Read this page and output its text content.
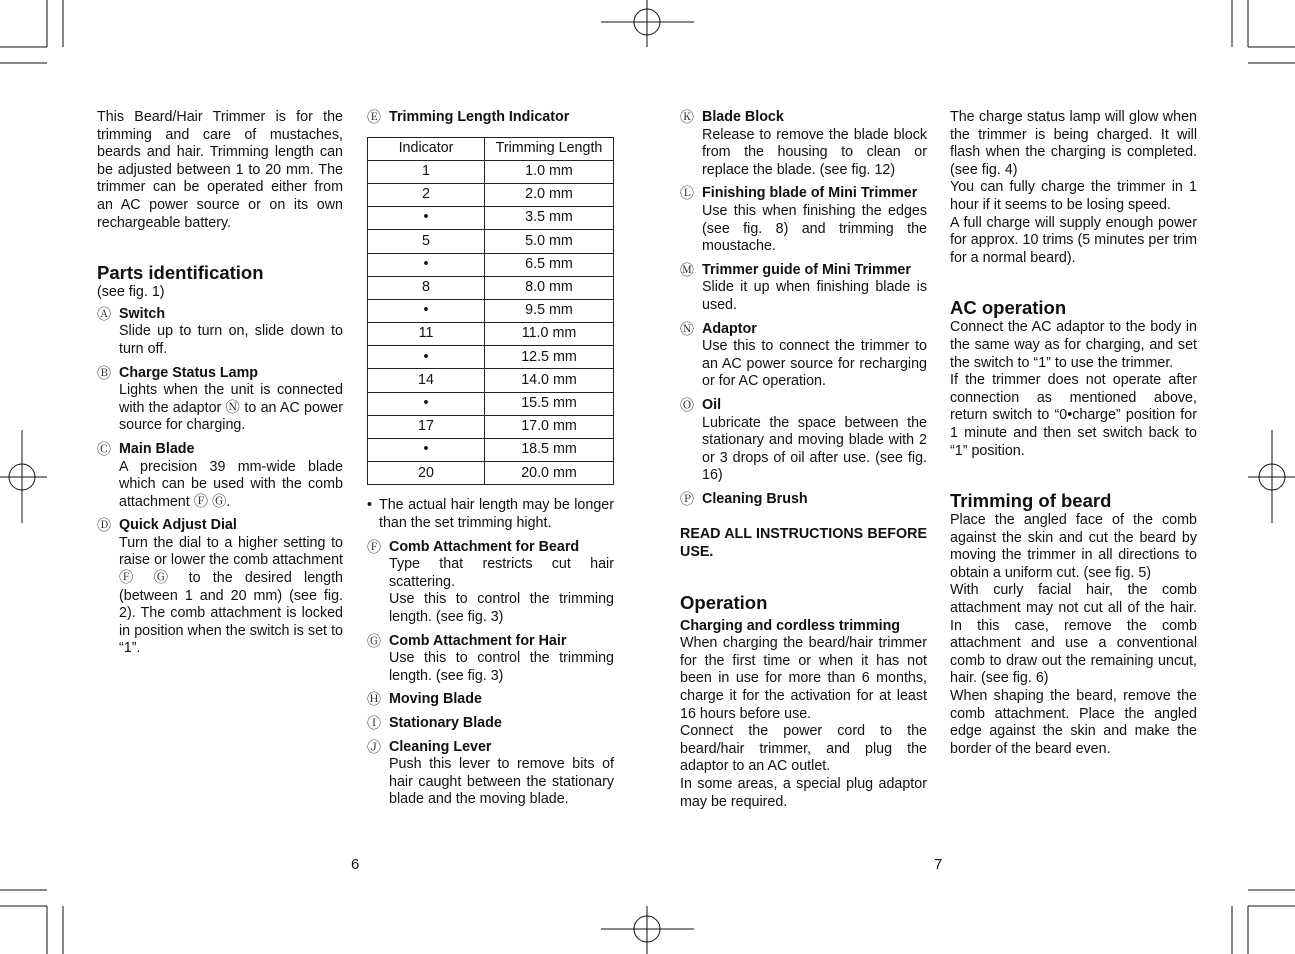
This Beard/Hair Trimmer is for the trimming and care of mustaches, beards and hair. Trimming length can be adjusted between 1 to 20 mm. The trimmer can be operated either from an AC power source or on its own rechargeable battery.

Parts identification

(see fig. 1)

Ⓐ Switch

Slide up to turn on, slide down to turn off.

Ⓑ Charge Status Lamp

Lights when the unit is connected with the adaptor Ⓝ to an AC power source for charging.

Ⓒ Main Blade

A precision 39 mm-wide blade which can be used with the comb attachment Ⓕ Ⓖ.

Ⓓ Quick Adjust Dial

Turn the dial to a higher setting to raise or lower the comb attachment Ⓕ Ⓖ to the desired length (between 1 and 20 mm) (see fig. 2). The comb attachment is locked in position when the switch is set to “1”.

Ⓔ Trimming Length Indicator
Indicator	Trimming Length
1	1.0 mm
2	2.0 mm
•	3.5 mm
5	5.0 mm
•	6.5 mm
8	8.0 mm
•	9.5 mm
11	11.0 mm
•	12.5 mm
14	14.0 mm
•	15.5 mm
17	17.0 mm
•	18.5 mm
20	20.0 mm
• The actual hair length may be longer than the set trimming hight.

Ⓕ Comb Attachment for Beard

Type that restricts cut hair scattering.

Use this to control the trimming length. (see fig. 3)

Ⓖ Comb Attachment for Hair

Use this to control the trimming length. (see fig. 3)

Ⓗ Moving Blade
Ⓘ Stationary Blade
Ⓙ Cleaning Lever

Push this lever to remove bits of hair caught between the stationary blade and the moving blade.

Ⓚ Blade Block

Release to remove the blade block from the housing to clean or replace the blade. (see fig. 12)

Ⓛ Finishing blade of Mini Trimmer

Use this when finishing the edges (see fig. 8) and trimming the moustache.

Ⓜ Trimmer guide of Mini Trimmer

Slide it up when finishing blade is used.

Ⓝ Adaptor

Use this to connect the trimmer to an AC power source for recharging or for AC operation.

Ⓞ Oil

Lubricate the space between the stationary and moving blade with 2 or 3 drops of oil after use. (see fig. 16)

Ⓟ Cleaning Brush

READ ALL INSTRUCTIONS BEFORE USE.

Operation

Charging and cordless trimming

When charging the beard/hair trimmer for the first time or when it has not been in use for more than 6 months, charge it for the activation for at least 16 hours before use.

Connect the power cord to the beard/hair trimmer, and plug the adaptor to an AC outlet.

In some areas, a special plug adaptor may be required.

The charge status lamp will glow when the trimmer is being charged. It will flash when the charging is completed. (see fig. 4)

You can fully charge the trimmer in 1 hour if it seems to be losing speed.

A full charge will supply enough power for approx. 10 trims (5 minutes per trim for a normal beard).

AC operation

Connect the AC adaptor to the body in the same way as for charging, and set the switch to “1” to use the trimmer.

If the trimmer does not operate after connection as mentioned above, return switch to “0•charge” position for 1 minute and then set switch back to “1” position.

Trimming of beard

Place the angled face of the comb against the skin and cut the beard by moving the trimmer in all directions to obtain a uniform cut. (see fig. 5)

With curly facial hair, the comb attachment may not cut all of the hair. In this case, remove the comb attachment and use a conventional comb to draw out the remaining uncut, hair. (see fig. 6)

When shaping the beard, remove the comb attachment. Place the angled edge against the skin and make the border of the beard even.

6	7
